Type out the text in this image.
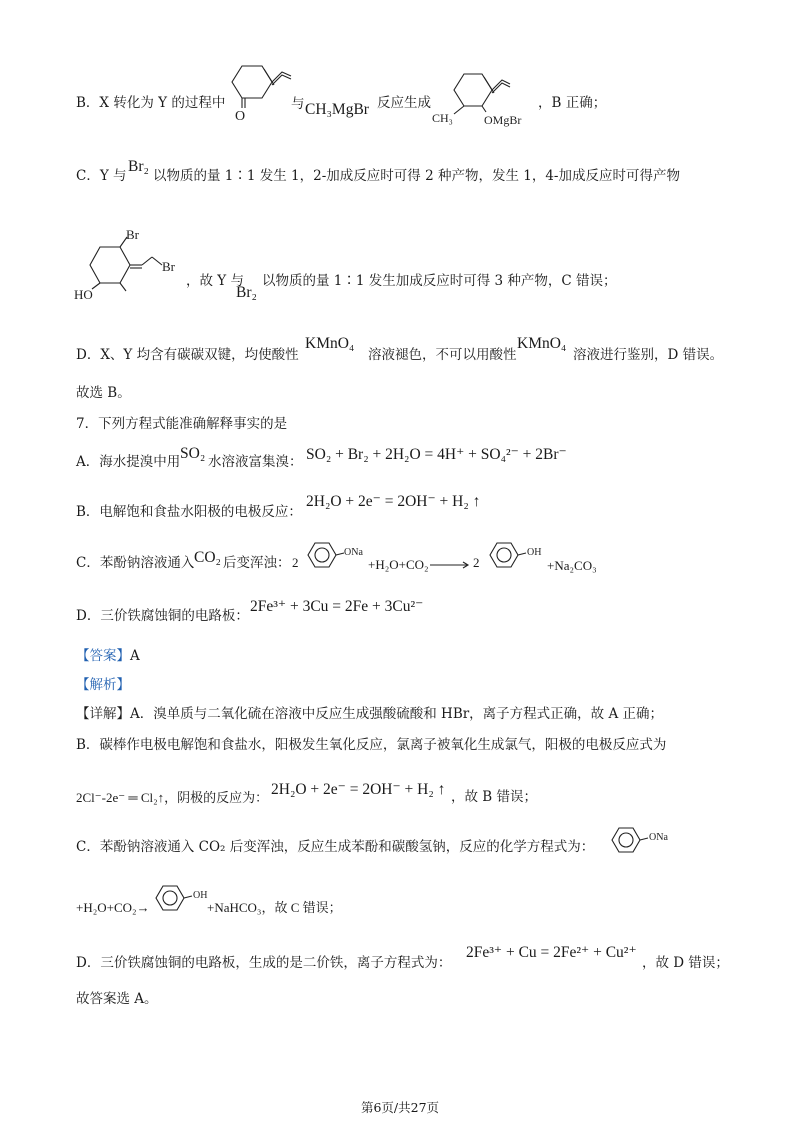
B．X 转化为 Y 的过程中
O
与 CH₃MgBr 反应生成
CH₃	OMgBr
，B 正确；
C．Y 与
Br₂
以物质的量 1∶1 发生 1，2-加成反应时可得 2 种产物，发生 1，4-加成反应时可得产物
Br
Br
HO
，故 Y 与
Br₂
以物质的量 1∶1 发生加成反应时可得 3 种产物，C 错误；
D．X、Y 均含有碳碳双键，均使酸性
KMnO₄
溶液褪色，不可以用酸性
KMnO₄
溶液进行鉴别，D 错误。
故选 B。
7．下列方程式能准确解释事实的是
A．海水提溴中用 SO₂ 水溶液富集溴： SO₂ + Br₂ + 2H₂O = 4H⁺ + SO₄²⁻ + 2Br⁻
B．电解饱和食盐水阳极的电极反应：
2H₂O + 2e⁻ = 2OH⁻ + H₂ ↑
C．苯酚钠溶液通入 CO₂ 后变浑浊： 2
ONa
+H₂O+CO₂ → 2
OH
+Na₂CO₃
D．三价铁腐蚀铜的电路板：
2Fe³⁺ + 3Cu = 2Fe + 3Cu²⁻
【答案】A
【解析】
【详解】A．溴单质与二氧化硫在溶液中反应生成强酸硫酸和 HBr，离子方程式正确，故 A 正确；
B．碳棒作电极电解饱和食盐水，阳极发生氧化反应，氯离子被氧化生成氯气，阳极的电极反应式为
2Cl⁻-2e⁻ ═ Cl₂↑，阴极的反应为： 2H₂O + 2e⁻ = 2OH⁻ + H₂ ↑ ，故 B 错误；
C．苯酚钠溶液通入 CO₂ 后变浑浊，反应生成苯酚和碳酸氢钠，反应的化学方程式为：
ONa
+H₂O+CO₂→
OH
+NaHCO₃，故 C 错误；
D．三价铁腐蚀铜的电路板，生成的是二价铁，离子方程式为：
2Fe³⁺ + Cu = 2Fe²⁺ + Cu²⁺
，故 D 错误；
故答案选 A。
第6页/共27页
